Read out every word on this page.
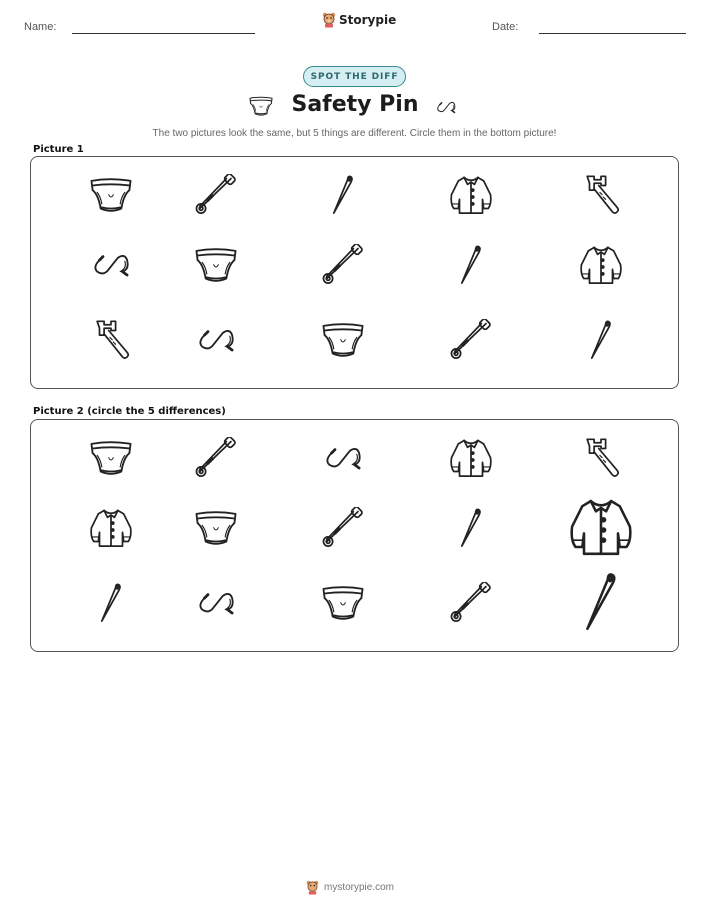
Name:	Storypie	Date:
SPOT THE DIFF
Safety Pin
The two pictures look the same, but 5 things are different. Circle them in the bottom picture!
Picture 1
Picture 2 (circle the 5 differences)
mystorypie.com
